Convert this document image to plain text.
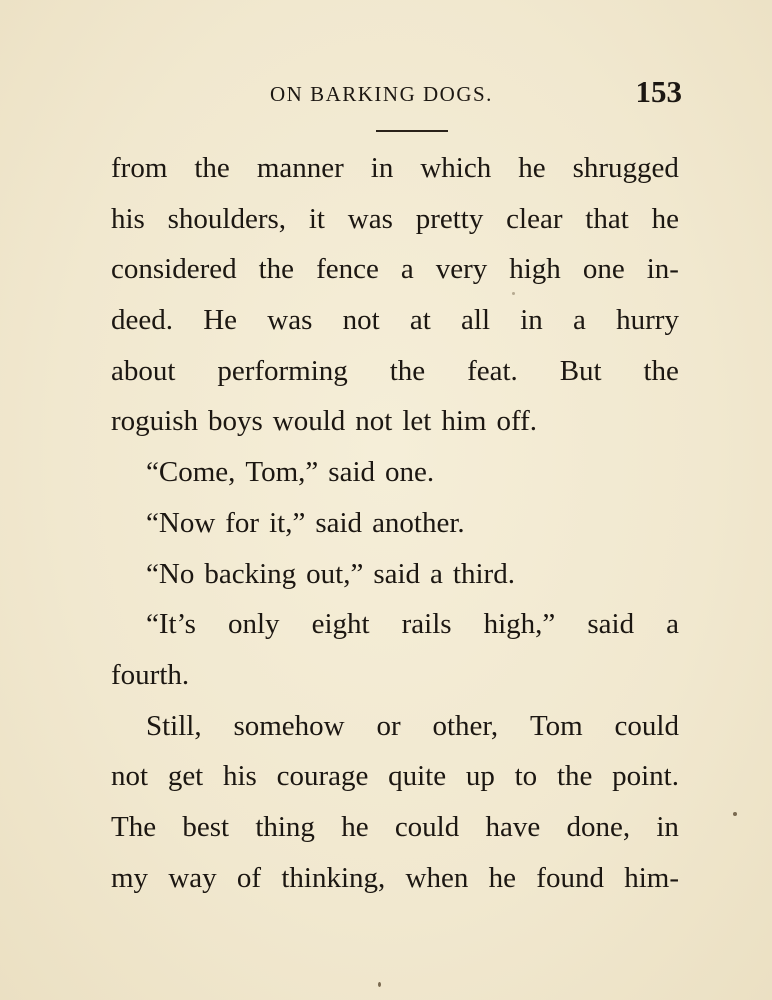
ON BARKING DOGS.	153
from the manner in which he shrugged
his shoulders, it was pretty clear that he
considered the fence a very high one in-
deed. He was not at all in a hurry
about performing the feat. But the
roguish boys would not let him off.
“Come, Tom,” said one.
“Now for it,” said another.
“No backing out,” said a third.
“It’s only eight rails high,” said a
fourth.
Still, somehow or other, Tom could
not get his courage quite up to the point.
The best thing he could have done, in
my way of thinking, when he found him-
